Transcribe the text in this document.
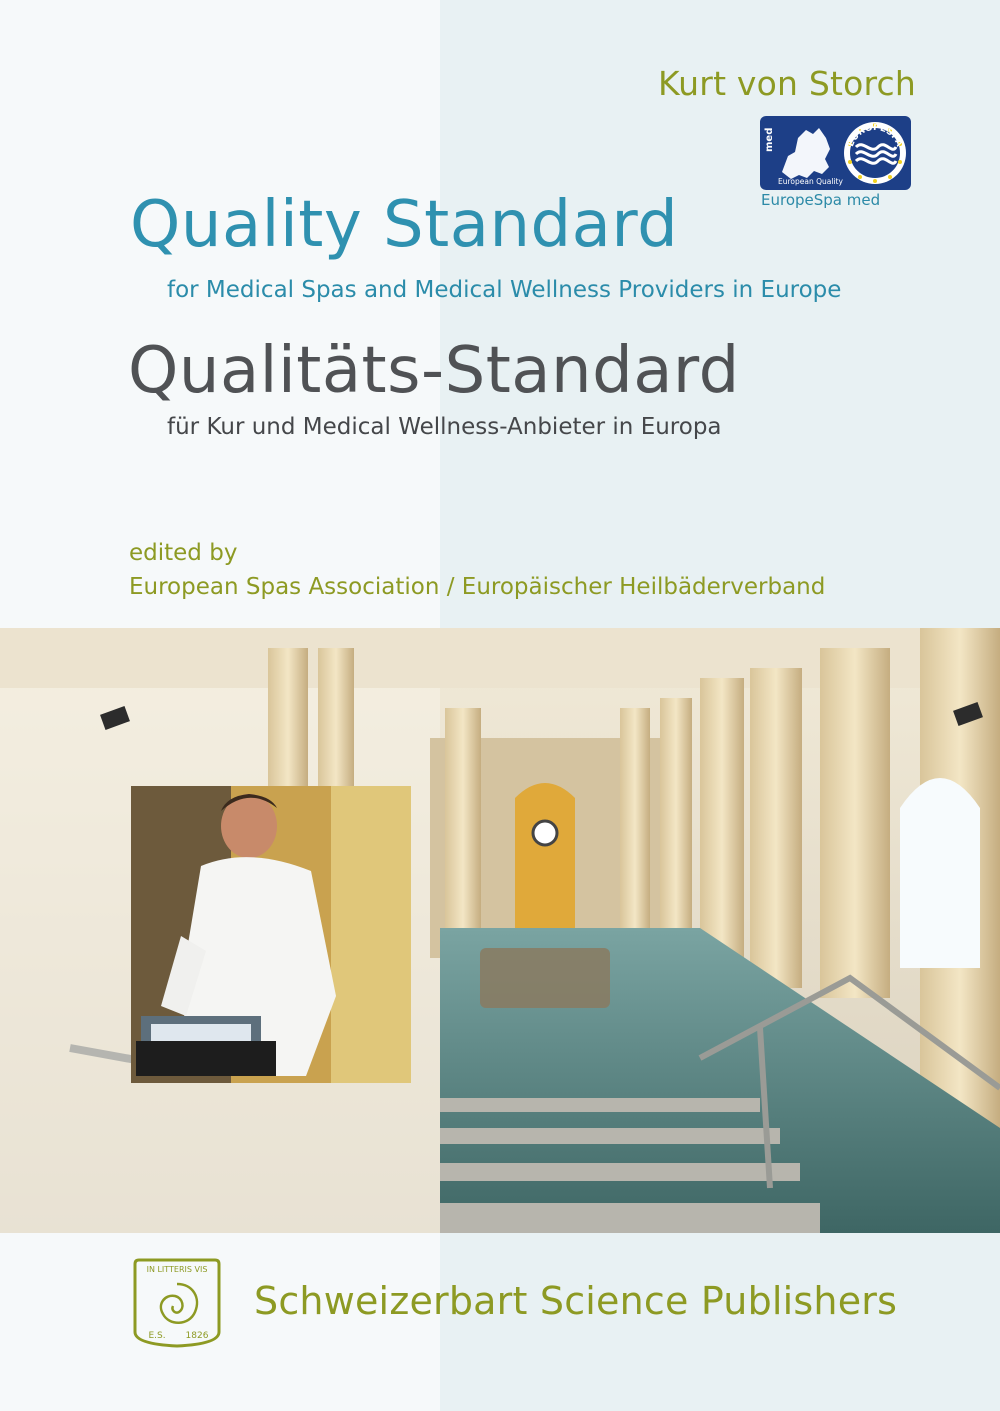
Kurt von Storch
med
European Quality
EUROPESPA
EuropeSpa med
Quality Standard
for Medical Spas and Medical Wellness Providers in Europe
Qualitäts-Standard
für Kur und Medical Wellness-Anbieter in Europa
edited by
European Spas Association / Europäischer Heilbäderverband
IN LITTERIS VIS
E.S. 1826
Schweizerbart Science Publishers
